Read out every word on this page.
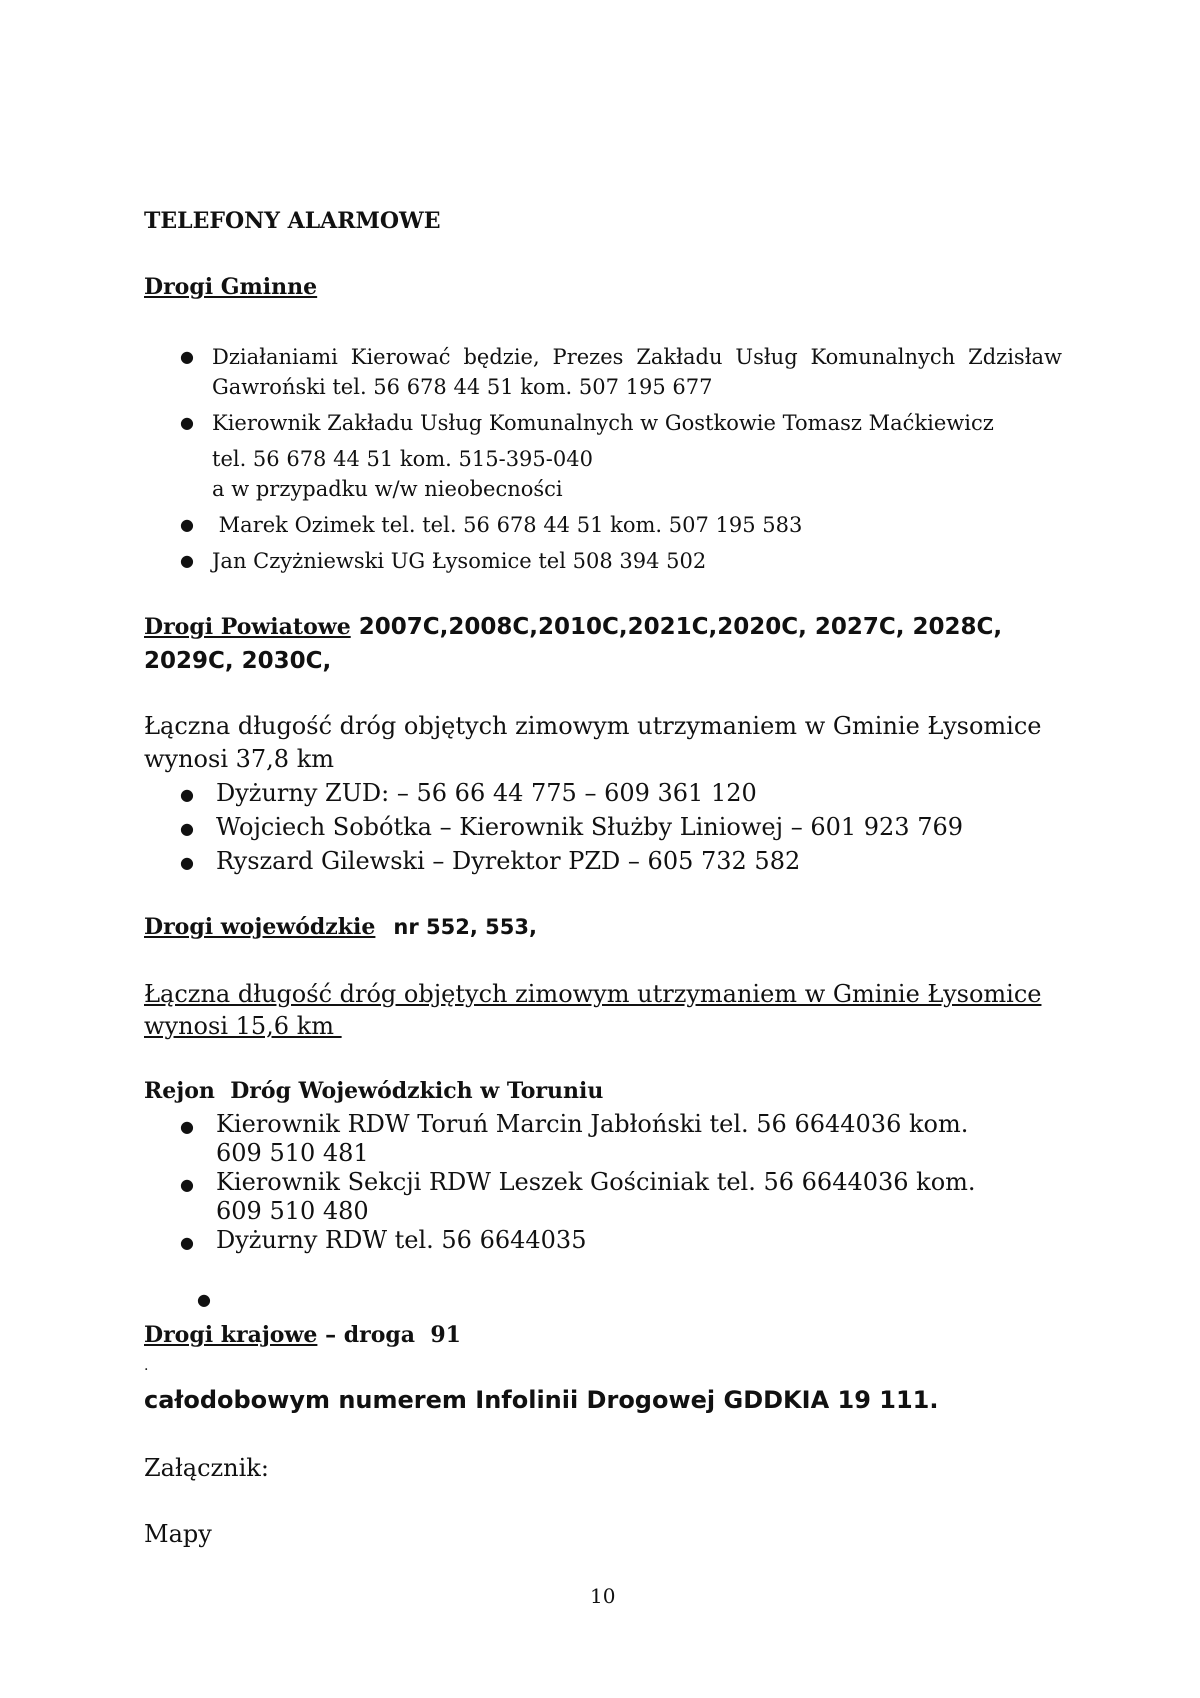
TELEFONY ALARMOWE

Drogi Gminne

● Działaniami Kierować będzie, Prezes Zakładu Usług Komunalnych Zdzisław
Gawroński tel. 56 678 44 51 kom. 507 195 677
● Kierownik Zakładu Usług Komunalnych w Gostkowie Tomasz Maćkiewicz
tel. 56 678 44 51 kom. 515-395-040
a w przypadku w/w nieobecności
● Marek Ozimek tel. tel. 56 678 44 51 kom. 507 195 583
● Jan Czyżniewski UG Łysomice tel 508 394 502
Drogi Powiatowe 2007C,2008C,2010C,2021C,2020C, 2027C, 2028C,

2029C, 2030C,

Łączna długość dróg objętych zimowym utrzymaniem w Gminie Łysomice

wynosi 37,8 km

● Dyżurny ZUD: – 56 66 44 775 – 609 361 120
● Wojciech Sobótka – Kierownik Służby Liniowej – 601 923 769
● Ryszard Gilewski – Dyrektor PZD – 605 732 582
Drogi wojewódzkie nr 552, 553,

Łączna długość dróg objętych zimowym utrzymaniem w Gminie Łysomice

wynosi 15,6 km

Rejon  Dróg Wojewódzkich w Toruniu

● Kierownik RDW Toruń Marcin Jabłoński tel. 56 6644036 kom.
609 510 481
● Kierownik Sekcji RDW Leszek Gościniak tel. 56 6644036 kom.
609 510 480
● Dyżurny RDW tel. 56 6644035
●
Drogi krajowe – droga  91

.

całodobowym numerem Infolinii Drogowej GDDKIA 19 111.

Załącznik:

Mapy

10
